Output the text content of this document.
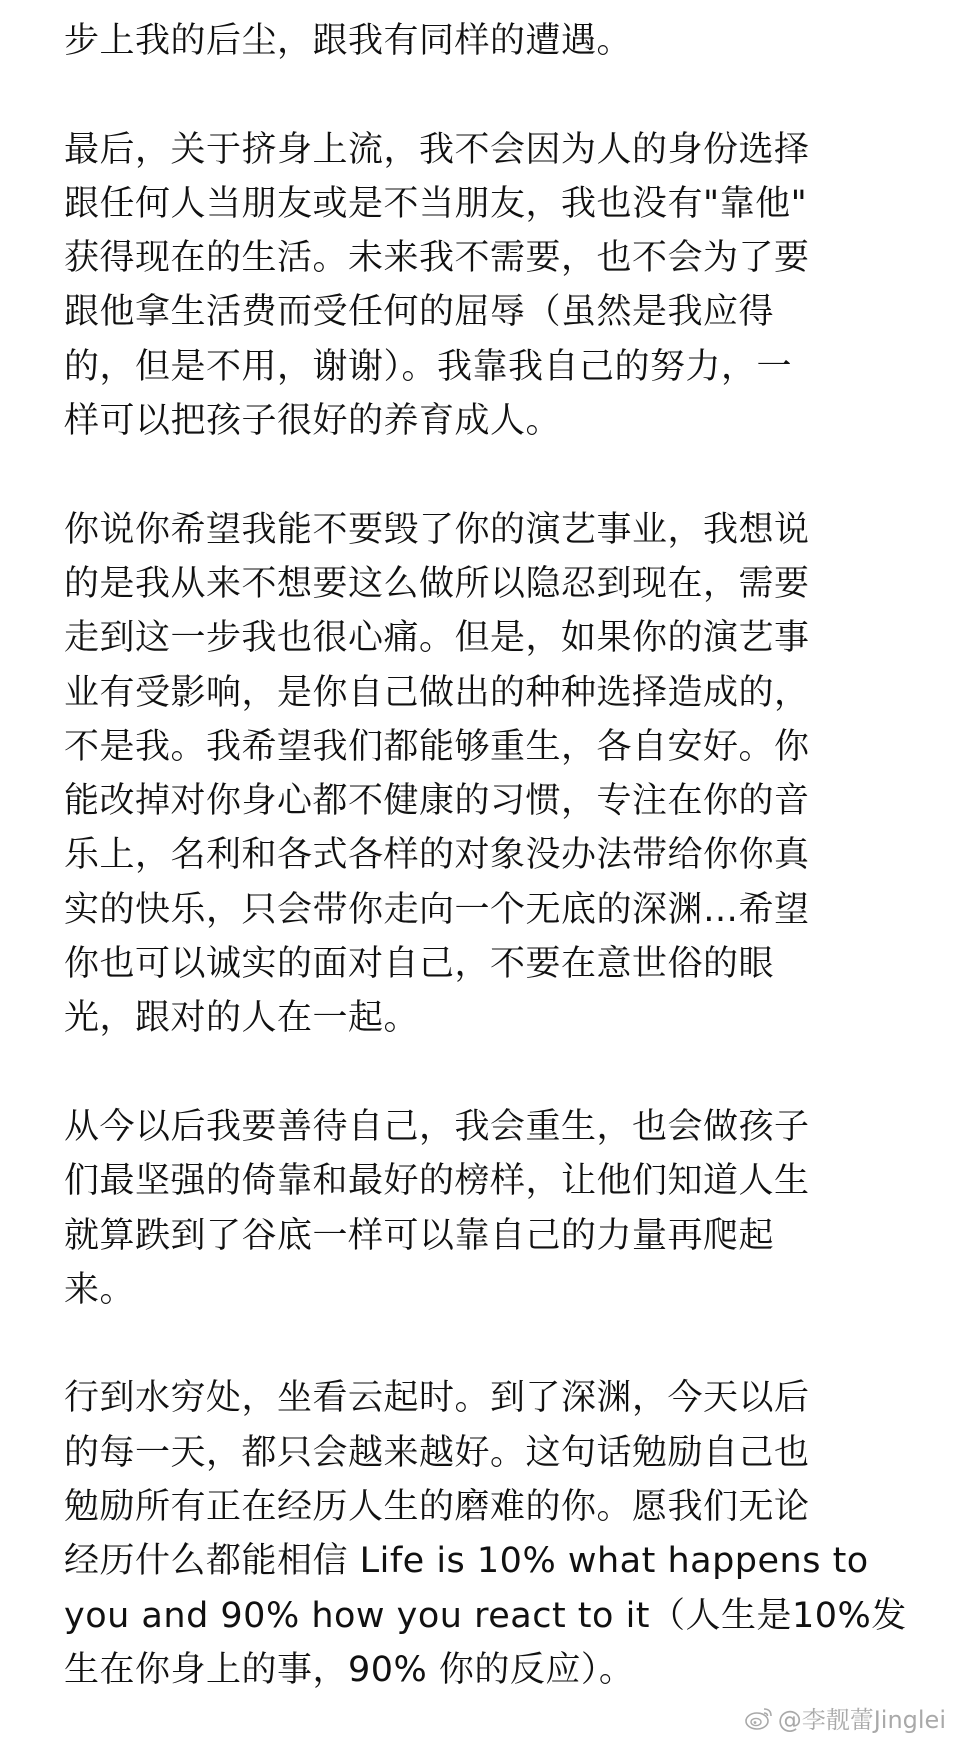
步上我的后尘，跟我有同样的遭遇。
最后，关于挤身上流，我不会因为人的身份选择
跟任何人当朋友或是不当朋友，我也没有"靠他"
获得现在的生活。未来我不需要，也不会为了要
跟他拿生活费而受任何的屈辱（虽然是我应得
的，但是不用，谢谢）。我靠我自己的努力，一
样可以把孩子很好的养育成人。
你说你希望我能不要毁了你的演艺事业，我想说
的是我从来不想要这么做所以隐忍到现在，需要
走到这一步我也很心痛。但是，如果你的演艺事
业有受影响，是你自己做出的种种选择造成的，
不是我。我希望我们都能够重生，各自安好。你
能改掉对你身心都不健康的习惯，专注在你的音
乐上，名利和各式各样的对象没办法带给你你真
实的快乐，只会带你走向一个无底的深渊…希望
你也可以诚实的面对自己，不要在意世俗的眼
光，跟对的人在一起。
从今以后我要善待自己，我会重生，也会做孩子
们最坚强的倚靠和最好的榜样，让他们知道人生
就算跌到了谷底一样可以靠自己的力量再爬起
来。
行到水穷处，坐看云起时。到了深渊，今天以后
的每一天，都只会越来越好。这句话勉励自己也
勉励所有正在经历人生的磨难的你。愿我们无论
经历什么都能相信 Life is 10% what happens to
you and 90% how you react to it（人生是10%发
生在你身上的事，90% 你的反应）。
@李靓蕾Jinglei
